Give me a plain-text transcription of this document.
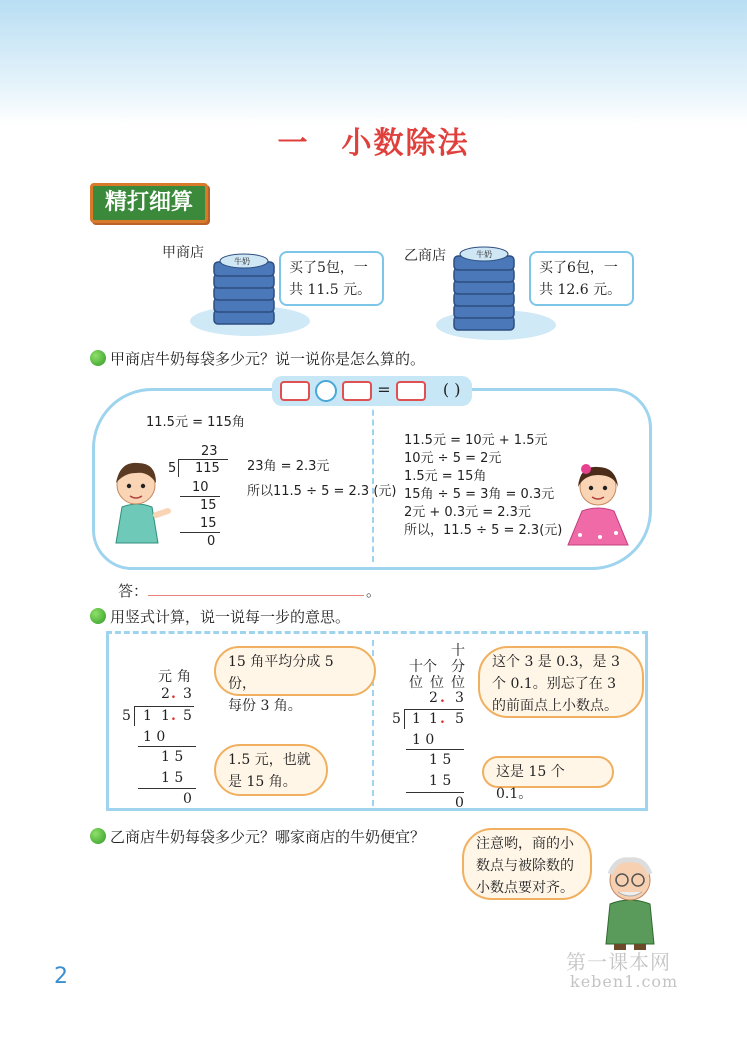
一　小数除法
精打细算
甲商店
牛奶	买了5包，一
共 11.5 元。
乙商店	牛奶
买了6包，一
共 12.6 元。
甲商店牛奶每袋多少元？说一说你是怎么算的。
=	( )
11.5元 = 115角
23
5 115
10
15
15
0
23角 = 2.3元
所以11.5 ÷ 5 = 2.3 (元)
11.5元 = 10元 + 1.5元
10元 ÷ 5 = 2元
1.5元 = 15角
15角 ÷ 5 = 3角 = 0.3元
2元 + 0.3元 = 2.3元
所以，11.5 ÷ 5 = 2.3(元)
答：	。
用竖式计算，说一说每一步的意思。
元 角
2 . 3
5 1 1 . 5
1 0
1 5
1 5
0
15 角平均分成 5 份，
每份 3 角。
1.5 元，也就
是 15 角。
十
十个 分
位 位 位
2 . 3
5 1 1 . 5
1 0
1 5
1 5
0
这个 3 是 0.3，是 3
个 0.1。别忘了在 3
的前面点上小数点。
这是 15 个 0.1。
乙商店牛奶每袋多少元？哪家商店的牛奶便宜？	注意哟，商的小
数点与被除数的
小数点要对齐。
第一课本网
keben1.com
2
